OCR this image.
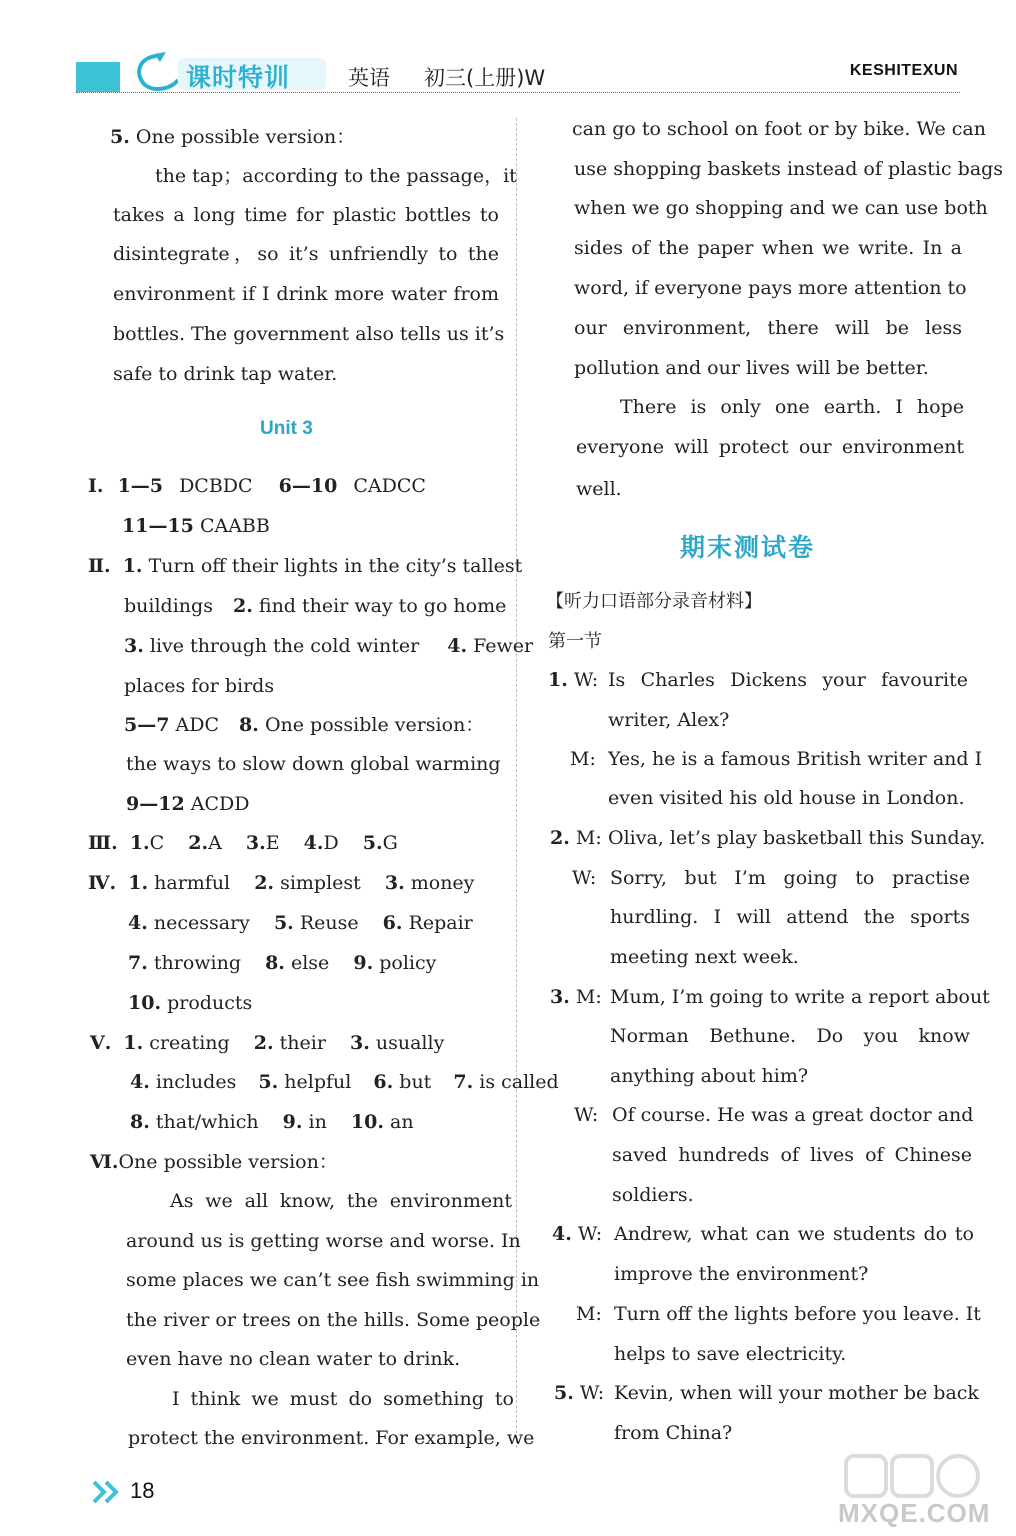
课时特训	英语 初三(上册)W	KESHITEXUN
5. One possible version：
the tap；according to the passage，it
takes a long time for plastic bottles to
disintegrate，so it’s unfriendly to the
environment if I drink more water from
bottles. The government also tells us it’s
safe to drink tap water.
Unit 3
Ⅰ. 1—5 DCBDC 6—10 CADCC
11—15 CAABB
Ⅱ. 1. Turn off their lights in the city’s tallest
buildings 2. find their way to go home
3. live through the cold winter 4. Fewer
places for birds
5—7 ADC 8. One possible version：
the ways to slow down global warming
9—12 ACDD
Ⅲ. 1.C 2.A 3.E 4.D 5.G
Ⅳ. 1. harmful 2. simplest 3. money
4. necessary 5. Reuse 6. Repair
7. throwing 8. else 9. policy
10. products
Ⅴ. 1. creating 2. their 3. usually
4. includes 5. helpful 6. but 7. is called
8. that/which 9. in 10. an
Ⅵ.One possible version：
As we all know, the environment
around us is getting worse and worse. In
some places we can’t see fish swimming in
the river or trees on the hills. Some people
even have no clean water to drink.
I think we must do something to
protect the environment. For example, we
can go to school on foot or by bike. We can
use shopping baskets instead of plastic bags
when we go shopping and we can use both
sides of the paper when we write. In a
word, if everyone pays more attention to
our environment, there will be less
pollution and our lives will be better.
There is only one earth. I hope
everyone will protect our environment
well.
期末测试卷
【听力口语部分录音材料】
第一节
1. W: Is Charles Dickens your favourite
writer, Alex?
M: Yes, he is a famous British writer and I
even visited his old house in London.
2. M: Oliva, let’s play basketball this Sunday.
W: Sorry, but I’m going to practise
hurdling. I will attend the sports
meeting next week.
3. M: Mum, I’m going to write a report about
Norman Bethune. Do you know
anything about him?
W: Of course. He was a great doctor and
saved hundreds of lives of Chinese
soldiers.
4. W: Andrew, what can we students do to
improve the environment?
M: Turn off the lights before you leave. It
helps to save electricity.
5. W: Kevin, when will your mother be back
from China?
18
MXQE.COM
